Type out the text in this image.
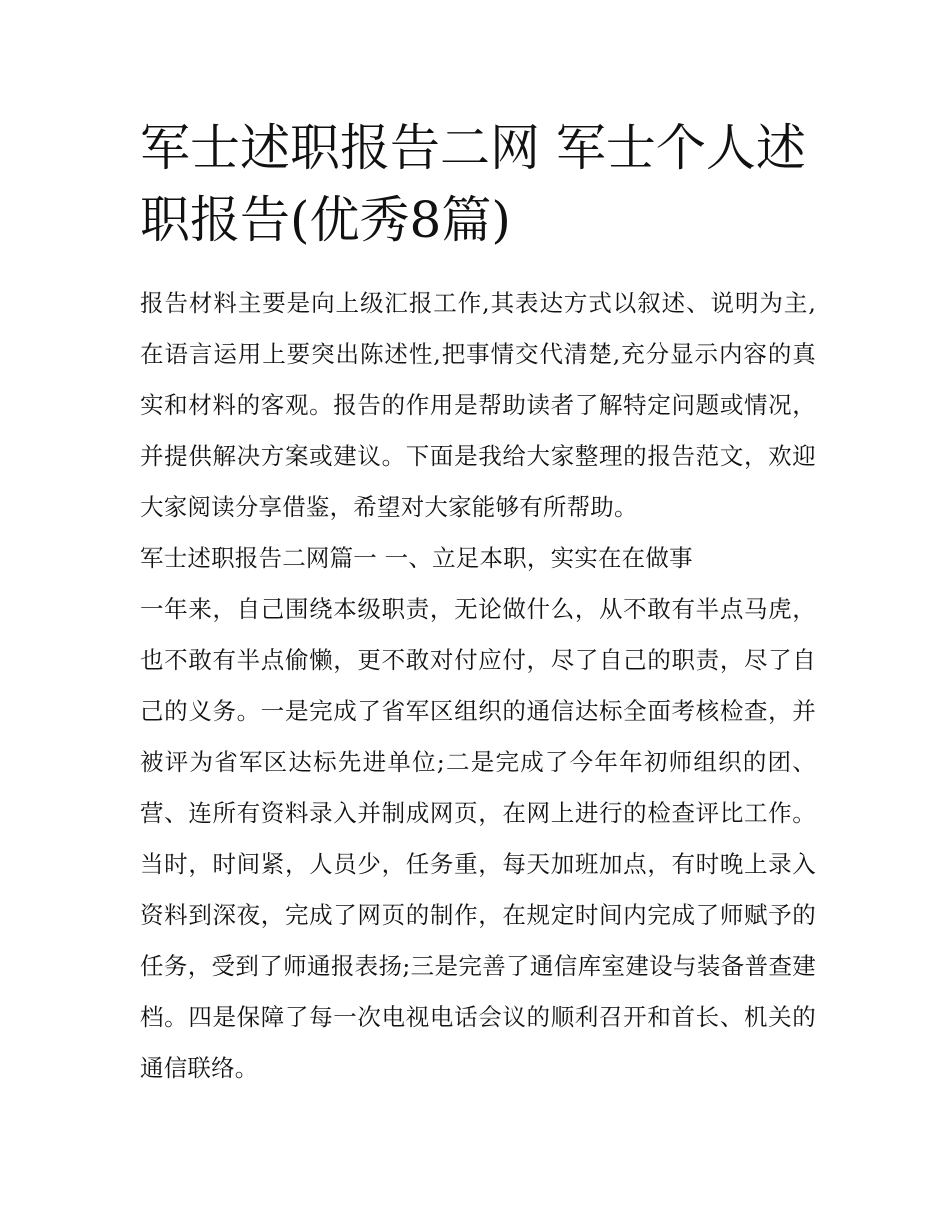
军士述职报告二网 军士个人述职报告(优秀8篇)

报告材料主要是向上级汇报工作,其表达方式以叙述、说明为主,在语言运用上要突出陈述性,把事情交代清楚,充分显示内容的真实和材料的客观。报告的作用是帮助读者了解特定问题或情况，并提供解决方案或建议。下面是我给大家整理的报告范文，欢迎大家阅读分享借鉴，希望对大家能够有所帮助。

军士述职报告二网篇一 一、立足本职，实实在在做事

一年来，自己围绕本级职责，无论做什么，从不敢有半点马虎，也不敢有半点偷懒，更不敢对付应付，尽了自己的职责，尽了自己的义务。一是完成了省军区组织的通信达标全面考核检查，并被评为省军区达标先进单位;二是完成了今年年初师组织的团、营、连所有资料录入并制成网页，在网上进行的检查评比工作。当时，时间紧，人员少，任务重，每天加班加点，有时晚上录入资料到深夜，完成了网页的制作，在规定时间内完成了师赋予的任务，受到了师通报表扬;三是完善了通信库室建设与装备普查建档。四是保障了每一次电视电话会议的顺利召开和首长、机关的通信联络。
